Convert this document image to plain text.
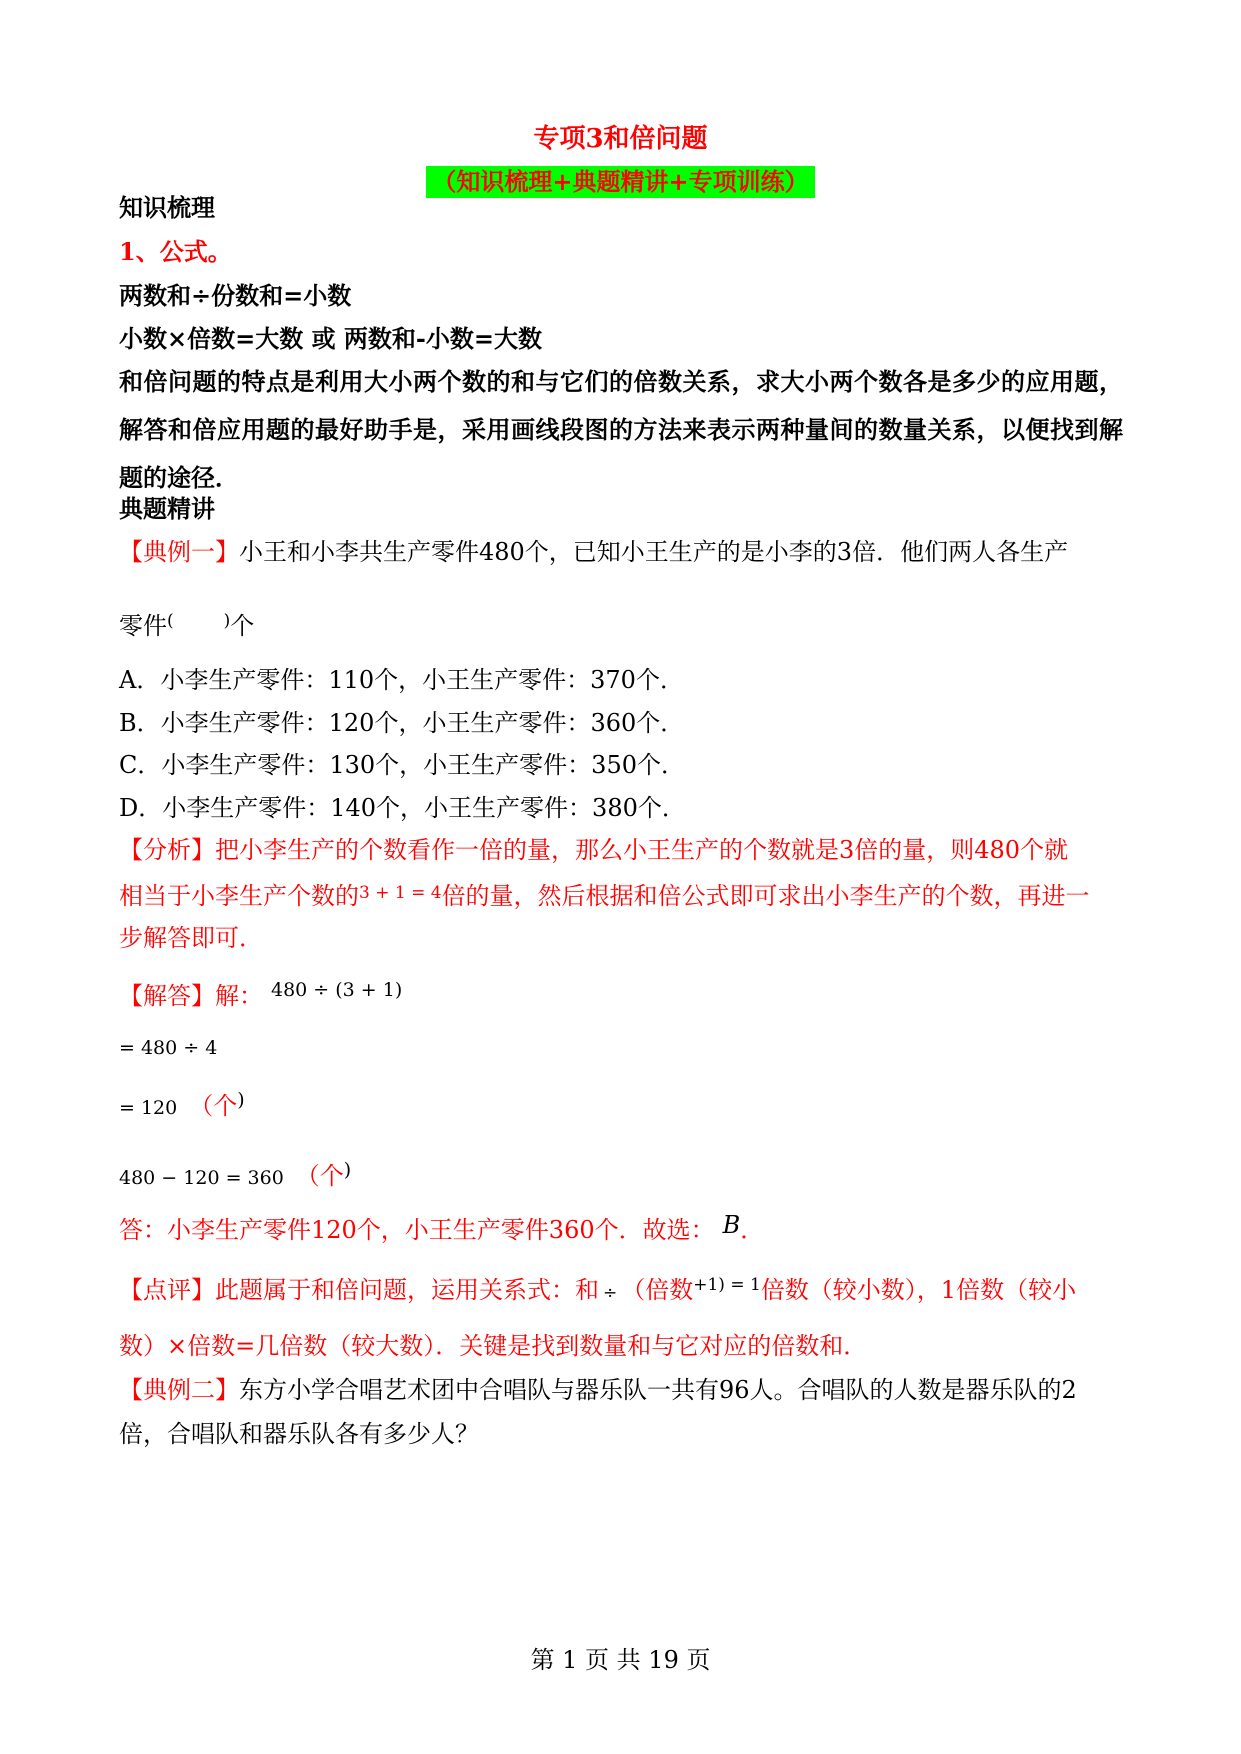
专项3和倍问题
（知识梳理+典题精讲+专项训练）
知识梳理
1、公式。
两数和÷份数和=小数
小数×倍数=大数 或 两数和-小数=大数
和倍问题的特点是利用大小两个数的和与它们的倍数关系，求大小两个数各是多少的应用题，解答和倍应用题的最好助手是，采用画线段图的方法来表示两种量间的数量关系，以便找到解题的途径．
典题精讲
【典例一】小王和小李共生产零件480个，已知小王生产的是小李的3倍．他们两人各生产
零件(	)个
A．小李生产零件：110个，小王生产零件：370个．
B．小李生产零件：120个，小王生产零件：360个．
C．小李生产零件：130个，小王生产零件：350个．
D．小李生产零件：140个，小王生产零件：380个．
【分析】把小李生产的个数看作一倍的量，那么小王生产的个数就是3倍的量，则480个就
相当于小李生产个数的$^{3 + 1 = 4}$倍的量，然后根据和倍公式即可求出小李生产的个数，再进一
步解答即可．
【解答】解： $^{480 \div (3 + 1)}$
= 480 ÷ 4
= 120 （个)
480 − 120 = 360 （个)
答：小李生产零件120个，小王生产零件360个．故选： B．
【点评】此题属于和倍问题，运用关系式：和 ÷ （倍数$^{+1) = 1}$倍数（较小数），1倍数（较小
数）×倍数=几倍数（较大数）．关键是找到数量和与它对应的倍数和．
【典例二】东方小学合唱艺术团中合唱队与器乐队一共有96人。合唱队的人数是器乐队的2
倍，合唱队和器乐队各有多少人？
第 1 页 共 19 页
